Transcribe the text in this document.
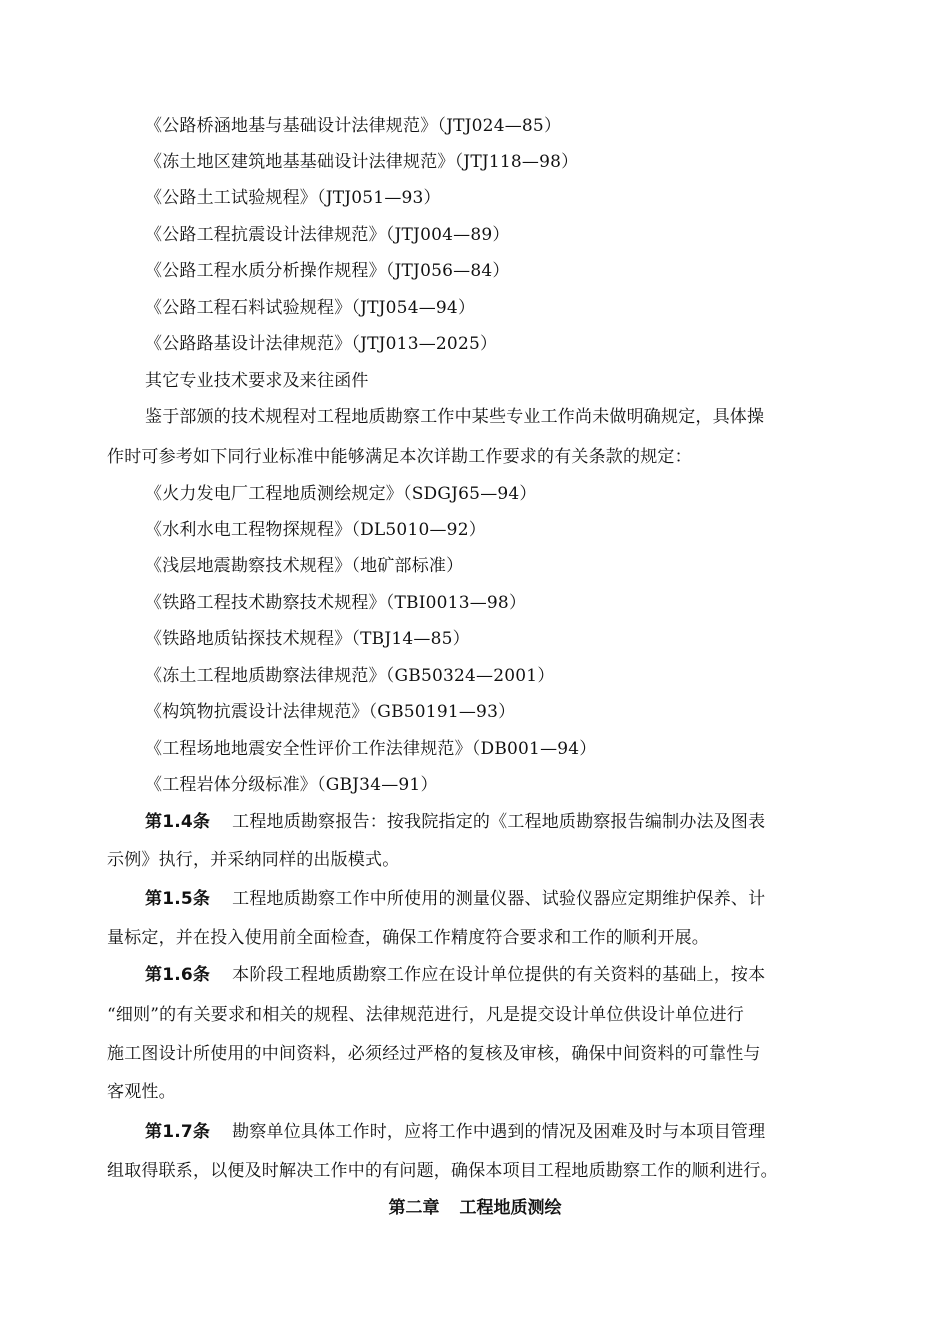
《公路桥涵地基与基础设计法律规范》（JTJ024—85）
《冻土地区建筑地基基础设计法律规范》（JTJ118—98）
《公路土工试验规程》（JTJ051—93）
《公路工程抗震设计法律规范》（JTJ004—89）
《公路工程水质分析操作规程》（JTJ056—84）
《公路工程石料试验规程》（JTJ054—94）
《公路路基设计法律规范》（JTJ013—2025）
其它专业技术要求及来往函件
鉴于部颁的技术规程对工程地质勘察工作中某些专业工作尚未做明确规定，具体操
作时可参考如下同行业标准中能够满足本次详勘工作要求的有关条款的规定：
《火力发电厂工程地质测绘规定》（SDGJ65—94）
《水利水电工程物探规程》（DL5010—92）
《浅层地震勘察技术规程》（地矿部标准）
《铁路工程技术勘察技术规程》（TBI0013—98）
《铁路地质钻探技术规程》（TBJ14—85）
《冻土工程地质勘察法律规范》（GB50324—2001）
《构筑物抗震设计法律规范》（GB50191—93）
《工程场地地震安全性评价工作法律规范》（DB001—94）
《工程岩体分级标准》（GBJ34—91）
第1.4条 工程地质勘察报告：按我院指定的《工程地质勘察报告编制办法及图表
示例》执行，并采纳同样的出版模式。
第1.5条 工程地质勘察工作中所使用的测量仪器、试验仪器应定期维护保养、计
量标定，并在投入使用前全面检查，确保工作精度符合要求和工作的顺利开展。
第1.6条 本阶段工程地质勘察工作应在设计单位提供的有关资料的基础上，按本
“细则”的有关要求和相关的规程、法律规范进行，凡是提交设计单位供设计单位进行
施工图设计所使用的中间资料，必须经过严格的复核及审核，确保中间资料的可靠性与
客观性。
第1.7条 勘察单位具体工作时，应将工作中遇到的情况及困难及时与本项目管理
组取得联系，以便及时解决工作中的有问题，确保本项目工程地质勘察工作的顺利进行。
第二章 工程地质测绘
